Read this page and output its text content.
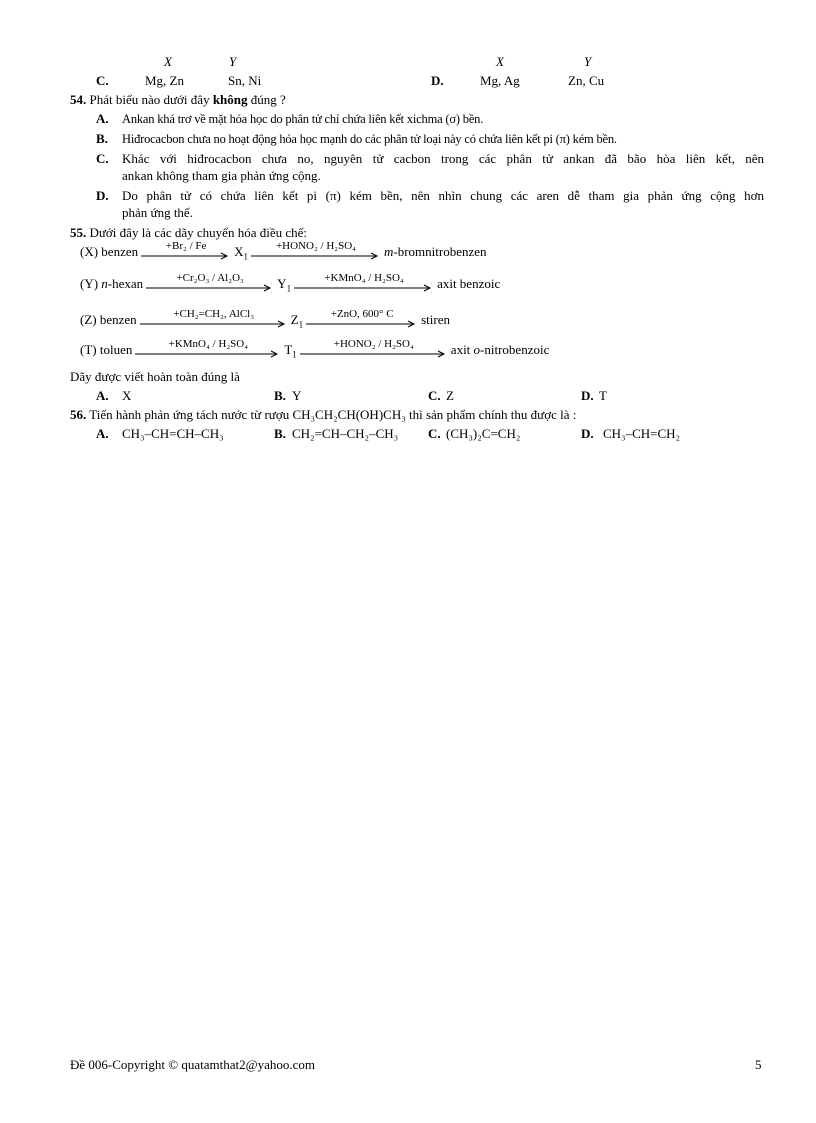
X	Y	X	Y
C.	Mg, Zn	Sn, Ni	D.	Mg, Ag	Zn, Cu
54. Phát biểu nào dưới đây không đúng ?
A. Ankan khá trơ về mặt hóa học do phân tử chỉ chứa liên kết xichma (σ) bền.
B. Hiđrocacbon chưa no hoạt động hóa học mạnh do các phân tử loại này có chứa liên kết pi (π) kém bền.
C. Khác với hiđrocacbon chưa no, nguyên tử cacbon trong các phân tử ankan đã bão hòa liên kết, nên
ankan không tham gia phản ứng cộng.
D. Do phân tử có chứa liên kết pi (π) kém bền, nên nhìn chung các aren dễ tham gia phản ứng cộng hơn
phản ứng thế.
55. Dưới đây là các dãy chuyển hóa điều chế:
(X) benzen	+Br₂ / Fe	$X_1$
+HONO₂ / H₂SO₄	m-bromnitrobenzen
(Y) n-hexan	+Cr₂O₃ / Al₂O₃	$Y_1$
+KMnO₄ / H₂SO₄	axit benzoic
(Z) benzen	+CH₂=CH₂, AlCl₃	$Z_1$
+ZnO, 600° C	stiren
(T) toluen	+KMnO₄ / H₂SO₄	$T_1$
+HONO₂ / H₂SO₄	axit o-nitrobenzoic
Dãy được viết hoàn toàn đúng là
A. X	B. Y	C. Z	D. T
56. Tiến hành phản ứng tách nước từ rượu CH₃CH₂CH(OH)CH₃ thì sản phẩm chính thu được là :
A. CH₃–CH=CH–CH₃	B. CH₂=CH–CH₂–CH₃ C. (CH₃)₂C=CH₂	D. CH₃–CH=CH₂
Đề 006-Copyright © quatamthat2@yahoo.com	5
